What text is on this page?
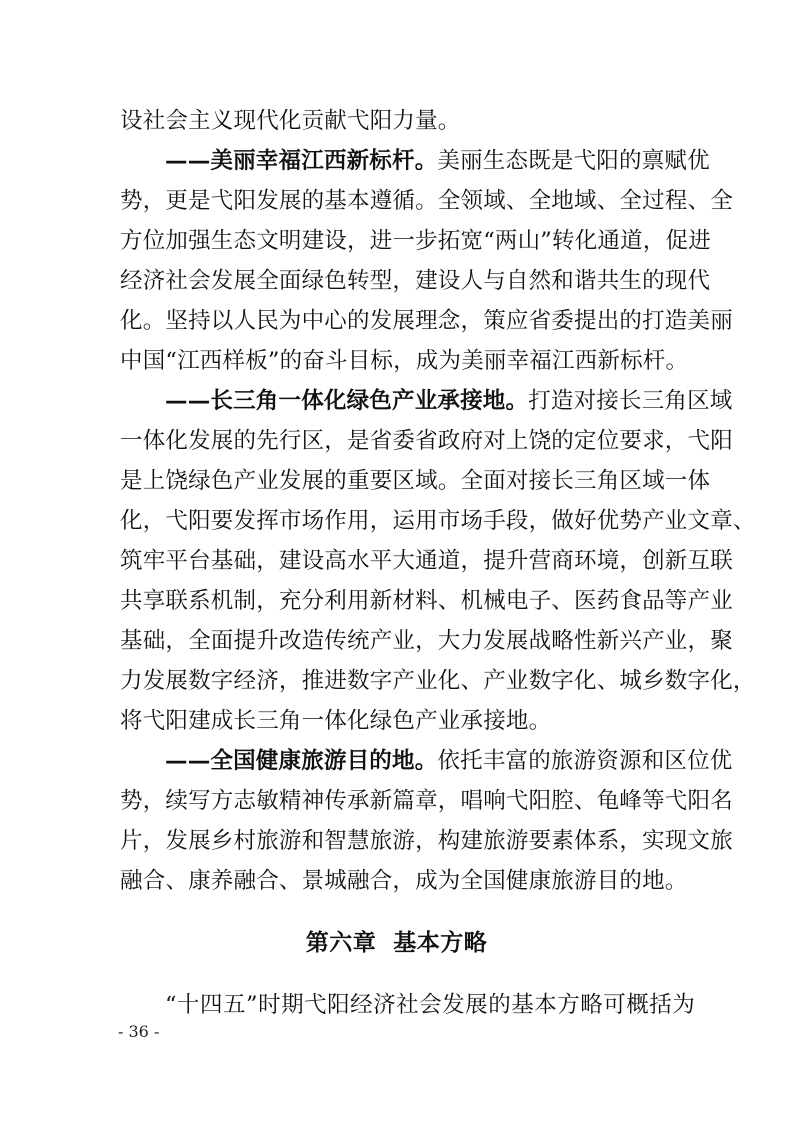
设社会主义现代化贡献弋阳力量。
——美丽幸福江西新标杆。美丽生态既是弋阳的禀赋优
势，更是弋阳发展的基本遵循。全领域、全地域、全过程、全
方位加强生态文明建设，进一步拓宽“两山”转化通道，促进
经济社会发展全面绿色转型，建设人与自然和谐共生的现代
化。坚持以人民为中心的发展理念，策应省委提出的打造美丽
中国“江西样板”的奋斗目标，成为美丽幸福江西新标杆。
——长三角一体化绿色产业承接地。打造对接长三角区域
一体化发展的先行区，是省委省政府对上饶的定位要求，弋阳
是上饶绿色产业发展的重要区域。全面对接长三角区域一体
化，弋阳要发挥市场作用，运用市场手段，做好优势产业文章、
筑牢平台基础，建设高水平大通道，提升营商环境，创新互联
共享联系机制，充分利用新材料、机械电子、医药食品等产业
基础，全面提升改造传统产业，大力发展战略性新兴产业，聚
力发展数字经济，推进数字产业化、产业数字化、城乡数字化，
将弋阳建成长三角一体化绿色产业承接地。
——全国健康旅游目的地。依托丰富的旅游资源和区位优
势，续写方志敏精神传承新篇章，唱响弋阳腔、龟峰等弋阳名
片，发展乡村旅游和智慧旅游，构建旅游要素体系，实现文旅
融合、康养融合、景城融合，成为全国健康旅游目的地。
第六章  基本方略
“十四五”时期弋阳经济社会发展的基本方略可概括为
- 36 -
